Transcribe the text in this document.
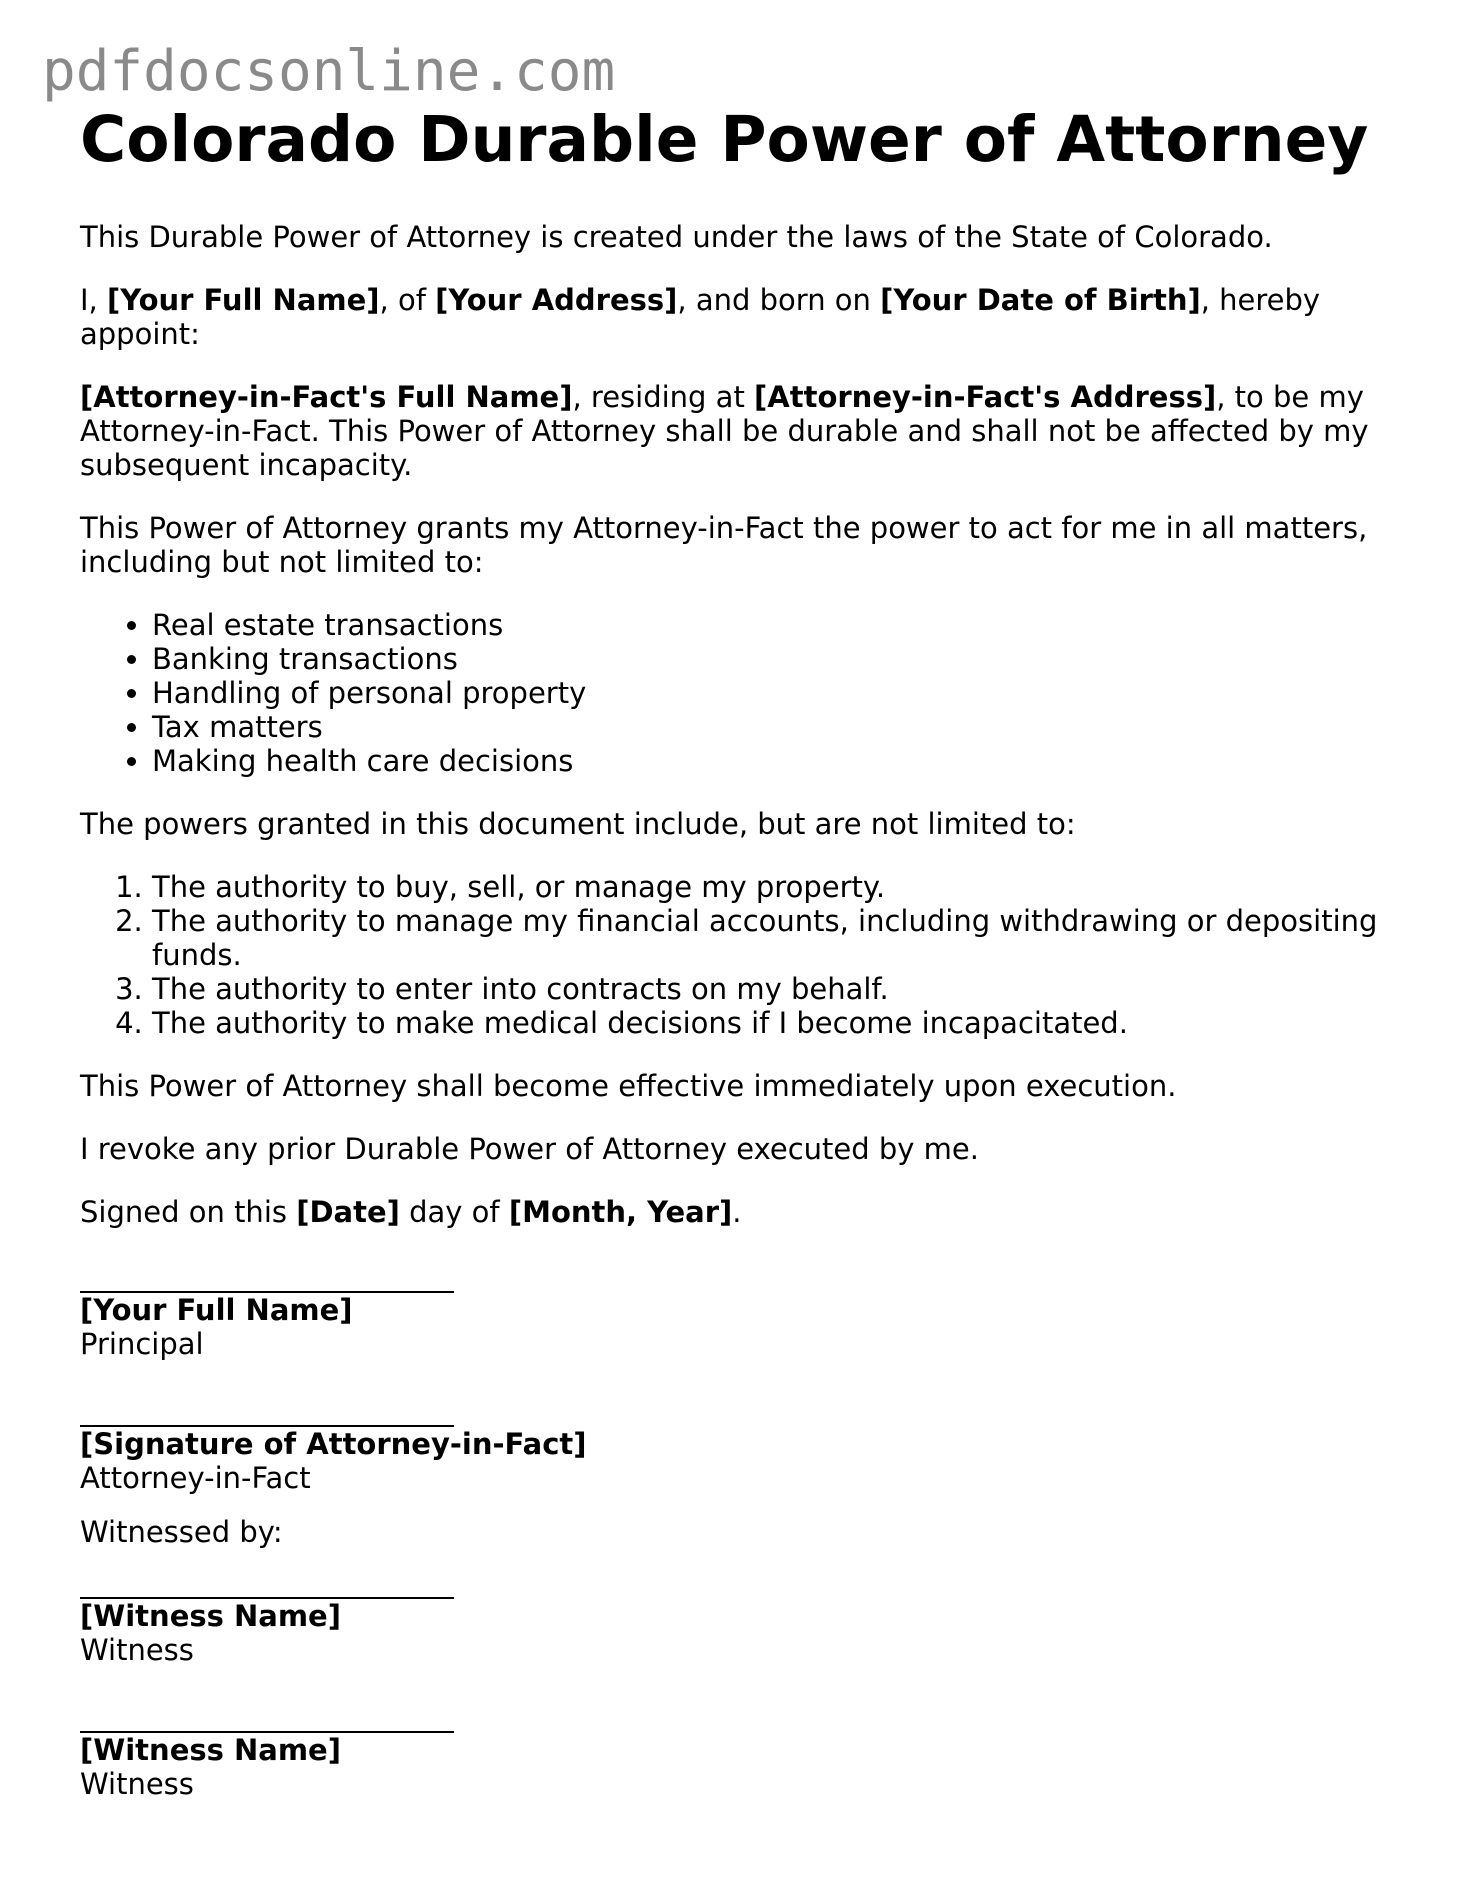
pdfdocsonline.com
Colorado Durable Power of Attorney

This Durable Power of Attorney is created under the laws of the State of Colorado.

I, [Your Full Name], of [Your Address], and born on [Your Date of Birth], hereby appoint:

[Attorney-in-Fact's Full Name], residing at [Attorney-in-Fact's Address], to be my Attorney-in-Fact. This Power of Attorney shall be durable and shall not be affected by my subsequent incapacity.

This Power of Attorney grants my Attorney-in-Fact the power to act for me in all matters, including but not limited to:

• Real estate transactions
• Banking transactions
• Handling of personal property
• Tax matters
• Making health care decisions

The powers granted in this document include, but are not limited to:

1. The authority to buy, sell, or manage my property.
2. The authority to manage my financial accounts, including withdrawing or depositing funds.
3. The authority to enter into contracts on my behalf.
4. The authority to make medical decisions if I become incapacitated.

This Power of Attorney shall become effective immediately upon execution.

I revoke any prior Durable Power of Attorney executed by me.

Signed on this [Date] day of [Month, Year].

[Your Full Name]
Principal
[Signature of Attorney-in-Fact]
Attorney-in-Fact

Witnessed by:

[Witness Name]
Witness
[Witness Name]
Witness
